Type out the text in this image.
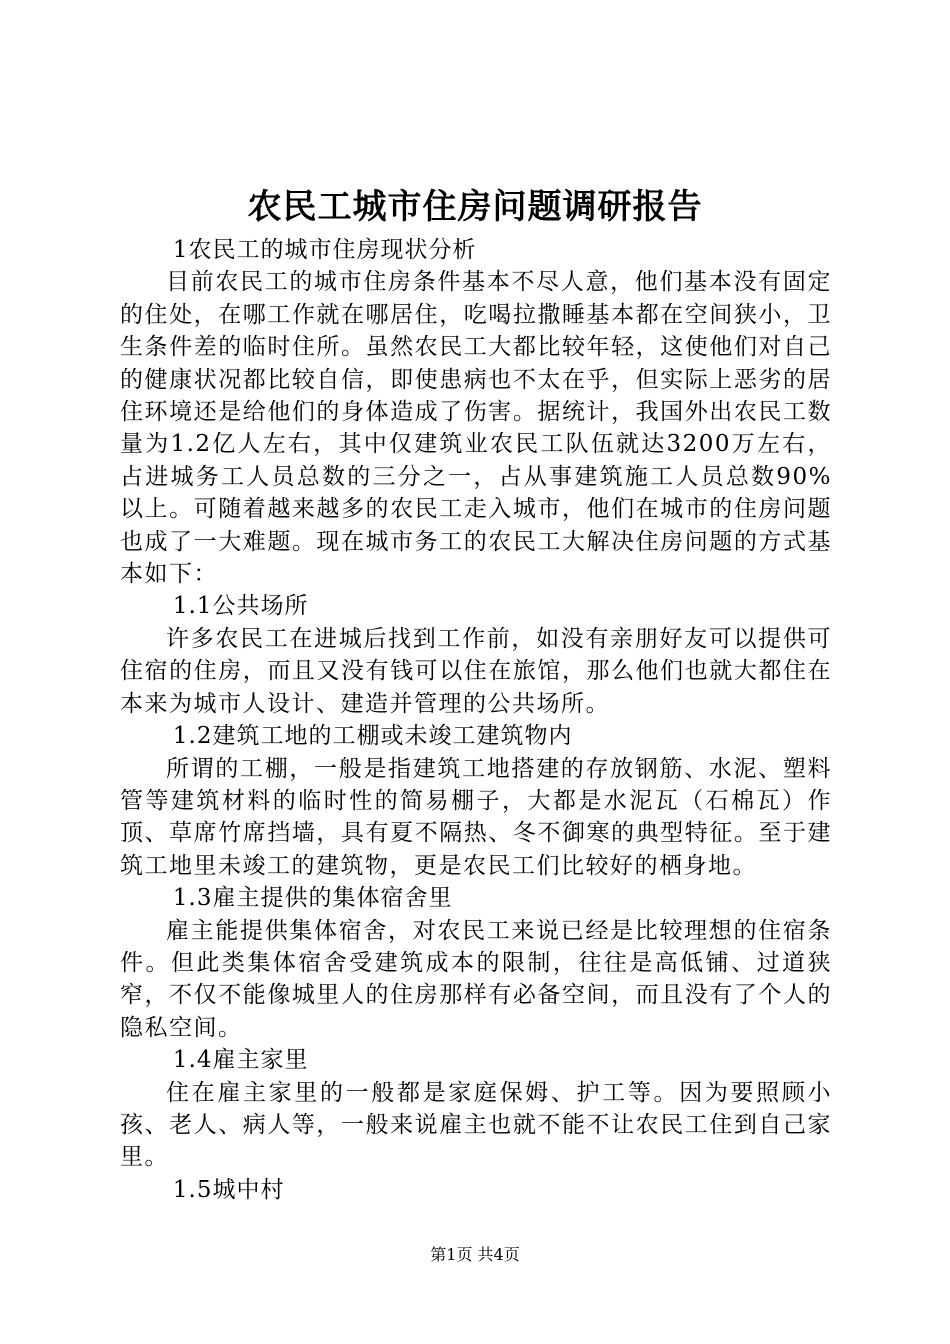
农民工城市住房问题调研报告

1农民工的城市住房现状分析

目前农民工的城市住房条件基本不尽人意，他们基本没有固定的住处，在哪工作就在哪居住，吃喝拉撒睡基本都在空间狭小，卫生条件差的临时住所。虽然农民工大都比较年轻，这使他们对自己的健康状况都比较自信，即使患病也不太在乎，但实际上恶劣的居住环境还是给他们的身体造成了伤害。据统计，我国外出农民工数量为1.2亿人左右，其中仅建筑业农民工队伍就达3200万左右，占进城务工人员总数的三分之一，占从事建筑施工人员总数90%以上。可随着越来越多的农民工走入城市，他们在城市的住房问题也成了一大难题。现在城市务工的农民工大解决住房问题的方式基本如下：

1.1公共场所

许多农民工在进城后找到工作前，如没有亲朋好友可以提供可住宿的住房，而且又没有钱可以住在旅馆，那么他们也就大都住在本来为城市人设计、建造并管理的公共场所。

1.2建筑工地的工棚或未竣工建筑物内

所谓的工棚，一般是指建筑工地搭建的存放钢筋、水泥、塑料管等建筑材料的临时性的简易棚子，大都是水泥瓦（石棉瓦）作顶、草席竹席挡墙，具有夏不隔热、冬不御寒的典型特征。至于建筑工地里未竣工的建筑物，更是农民工们比较好的栖身地。

1.3雇主提供的集体宿舍里

雇主能提供集体宿舍，对农民工来说已经是比较理想的住宿条件。但此类集体宿舍受建筑成本的限制，往往是高低铺、过道狭窄，不仅不能像城里人的住房那样有必备空间，而且没有了个人的隐私空间。

1.4雇主家里

住在雇主家里的一般都是家庭保姆、护工等。因为要照顾小孩、老人、病人等，一般来说雇主也就不能不让农民工住到自己家里。

1.5城中村

第1页 共4页
